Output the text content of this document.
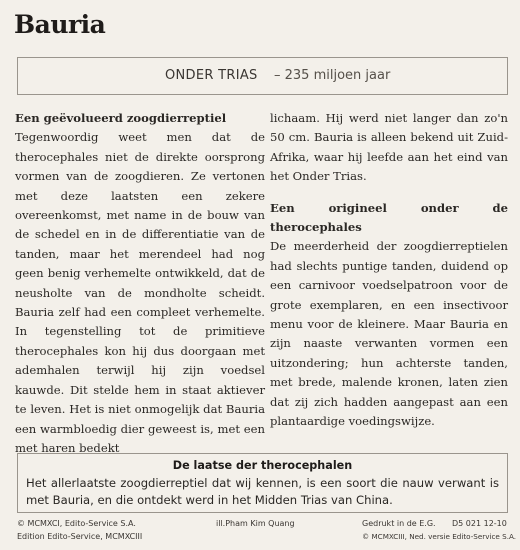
Bauria
ONDER TRIAS – 235 miljoen jaar
Een geëvolueerd zoogdierreptiel
Tegenwoordig weet men dat de therocephales niet de direkte oorsprong vormen van de zoogdieren. Ze vertonen met deze laatsten een zekere overeenkomst, met name in de bouw van de schedel en in de differentiatie van de tanden, maar het merendeel had nog geen benig verhemelte ontwikkeld, dat de neusholte van de mondholte scheidt. Bauria zelf had een compleet verhemelte. In tegenstelling tot de primitieve therocephales kon hij dus doorgaan met ademhalen terwijl hij zijn voedsel kauwde. Dit stelde hem in staat aktiever te leven. Het is niet onmogelijk dat Bauria een warmbloedig dier geweest is, met een met haren bedekt
lichaam. Hij werd niet langer dan zo'n 50 cm. Bauria is alleen bekend uit Zuid-Afrika, waar hij leefde aan het eind van het Onder Trias.
Een origineel onder de therocephales
De meerderheid der zoogdierreptielen had slechts puntige tanden, duidend op een carnivoor voedselpatroon voor de grote exemplaren, en een insectivoor menu voor de kleinere. Maar Bauria en zijn naaste verwanten vormen een uitzondering; hun achterste tanden, met brede, malende kronen, laten zien dat zij zich hadden aangepast aan een plantaardige voedingswijze.
De laatse der therocephalen
Het allerlaatste zoogdierreptiel dat wij kennen, is een soort die nauw verwant is met Bauria, en die ontdekt werd in het Midden Trias van China.
© MCMXCI, Edito-Service S.A.
Edition Edito-Service, MCMXCIII
ill.Pham Kim Quang	Gedrukt in de E.G. D5 021 12-10
© MCMXCIII, Ned. versie Edito-Service S.A.
